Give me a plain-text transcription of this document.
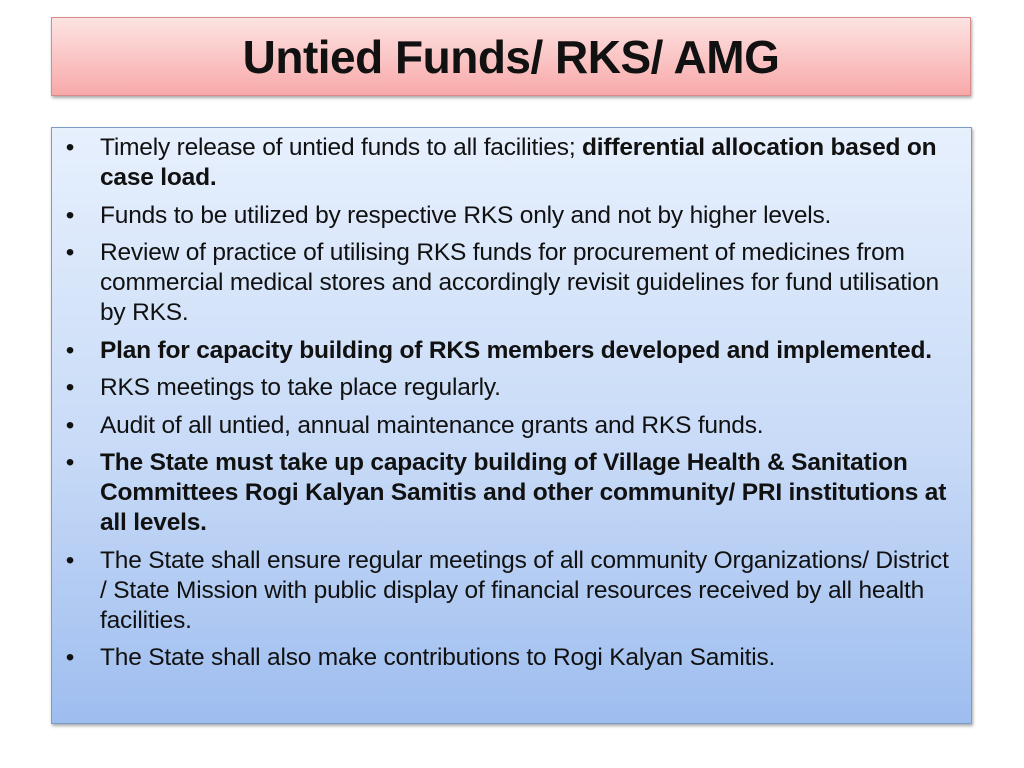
Untied Funds/ RKS/ AMG
• Timely release of untied funds to all facilities; differential allocation based on case load.
• Funds to be utilized by respective RKS only and not by higher levels.
• Review of practice of utilising RKS funds for procurement of medicines from commercial medical stores and accordingly revisit guidelines for fund utilisation by RKS.
• Plan for capacity building of RKS members developed and implemented.
• RKS meetings to take place regularly.
• Audit of all untied, annual maintenance grants and RKS funds.
• The State must take up capacity building of Village Health & Sanitation Committees Rogi Kalyan Samitis and other community/ PRI institutions at all levels.
• The State shall ensure regular meetings of all community Organizations/ District / State Mission with public display of financial resources received by all health facilities.
• The State shall also make contributions to Rogi Kalyan Samitis.
